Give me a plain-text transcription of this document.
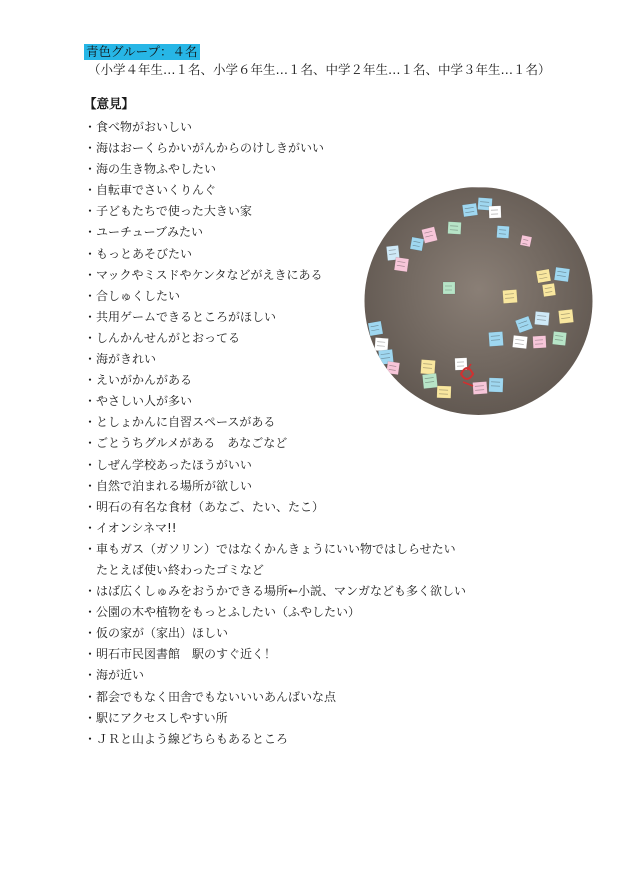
青色グループ：４名
（小学４年生…１名、小学６年生…１名、中学２年生…１名、中学３年生…１名）
【意見】
・食べ物がおいしい
・海はおーくらかいがんからのけしきがいい
・海の生き物ふやしたい
・自転車でさいくりんぐ
・子どもたちで使った大きい家
・ユーチューブみたい
・もっとあそびたい
・マックやミスドやケンタなどがえきにある
・合しゅくしたい
・共用ゲームできるところがほしい
・しんかんせんがとおってる
・海がきれい
・えいがかんがある
・やさしい人が多い
・としょかんに自習スペースがある
・ごとうちグルメがある　あなごなど
・しぜん学校あったほうがいい
・自然で泊まれる場所が欲しい
・明石の有名な食材（あなご、たい、たこ）
・イオンシネマ!!
・車もガス（ガソリン）ではなくかんきょうにいい物ではしらせたい
たとえば使い終わったゴミなど
・はば広くしゅみをおうかできる場所←小説、マンガなども多く欲しい
・公園の木や植物をもっとふしたい（ふやしたい）
・仮の家が（家出）ほしい
・明石市民図書館　駅のすぐ近く！
・海が近い
・都会でもなく田舎でもないいいあんばいな点
・駅にアクセスしやすい所
・ＪＲと山よう線どちらもあるところ
